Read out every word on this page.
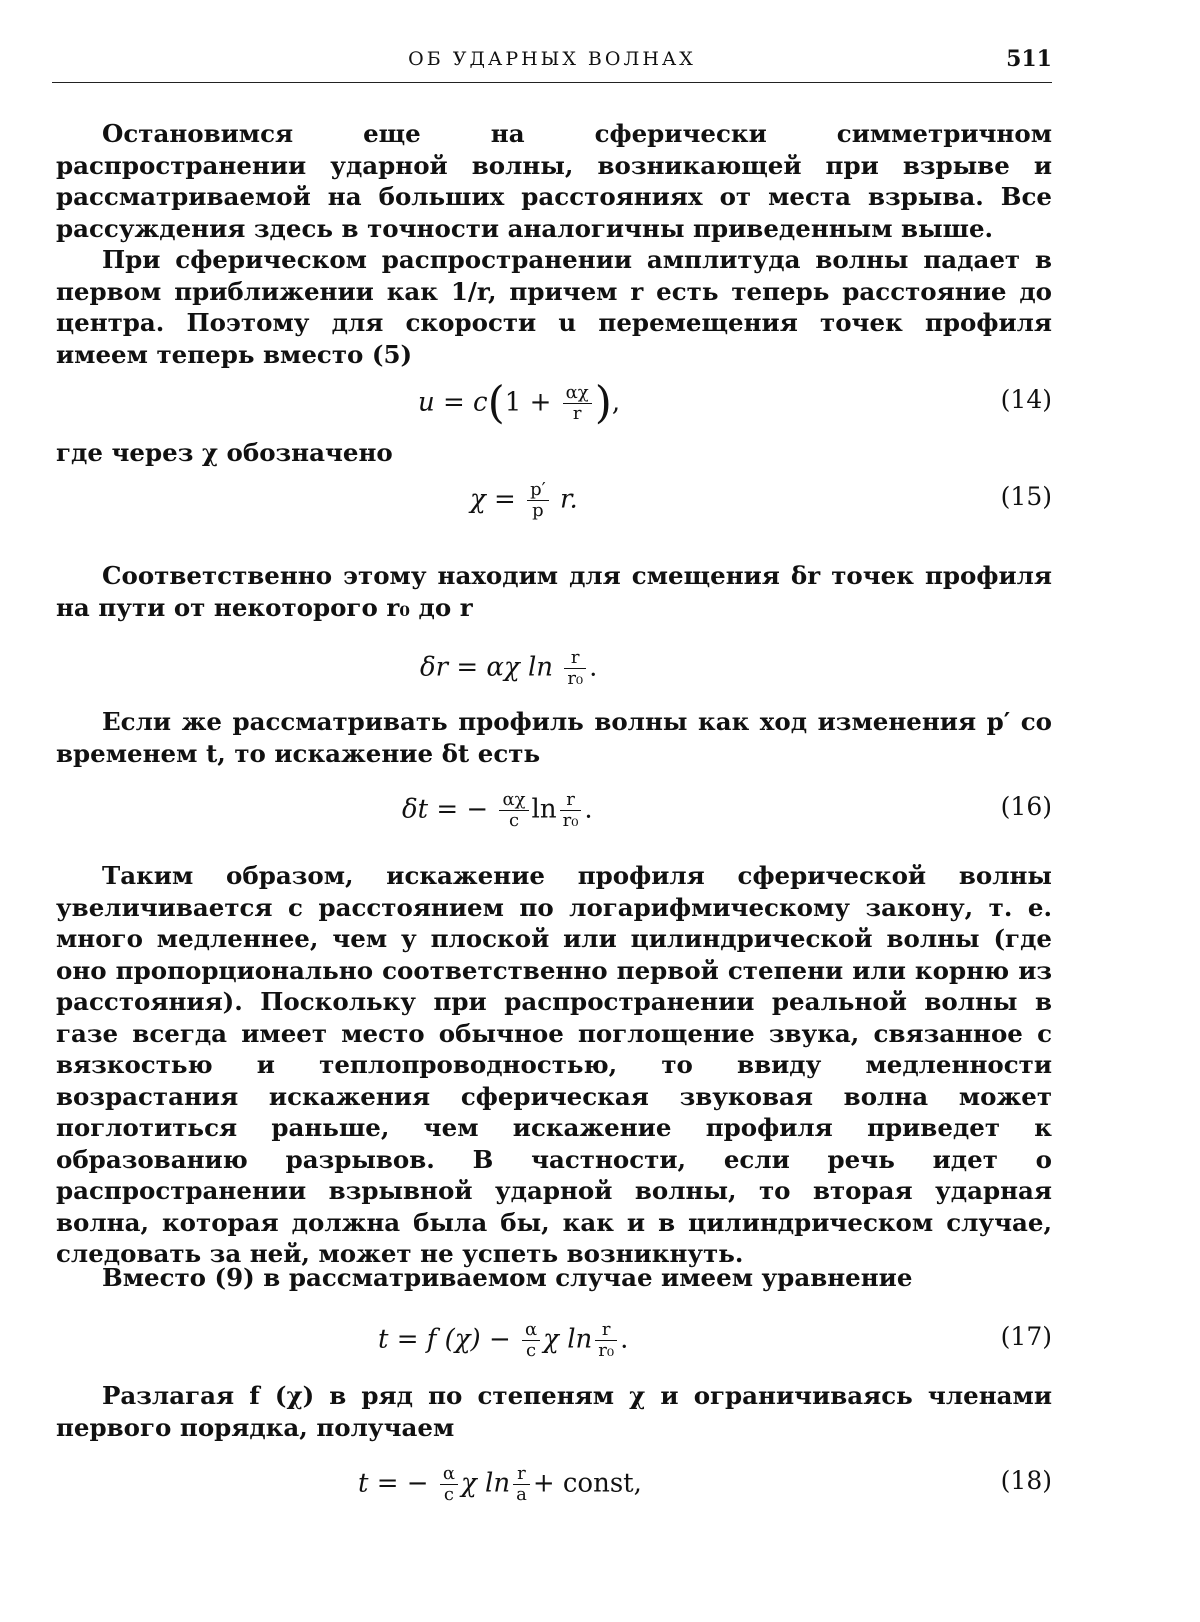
ОБ УДАРНЫХ ВОЛНАХ	511

Остановимся еще на сферически симметричном распространении ударной волны, возникающей при взрыве и рассматриваемой на больших расстояниях от места взрыва. Все рассуждения здесь в точности аналогичны приведенным выше.

При сферическом распространении амплитуда волны падает в первом приближении как 1/r, причем r есть теперь расстояние до центра. Поэтому для скорости u перемещения точек профиля имеем теперь вместо (5)

u = c(1 + αχ
r ),	(14)

где через χ обозначено

χ = p′
p r.	(15)

Соответственно этому находим для смещения δr точек профиля на пути от некоторого r₀ до r

δr = αχ ln r
r₀ .

Если же рассматривать профиль волны как ход изменения p′ со временем t, то искажение δt есть

δt = − αχ
c ln r
r₀ .	(16)

Таким образом, искажение профиля сферической волны увеличивается с расстоянием по логарифмическому закону, т. е. много медленнее, чем у плоской или цилиндрической волны (где оно пропорционально соответственно первой степени или корню из расстояния). Поскольку при распространении реальной волны в газе всегда имеет место обычное поглощение звука, связанное с вязкостью и теплопроводностью, то ввиду медленности возрастания искажения сферическая звуковая волна может поглотиться раньше, чем искажение профиля приведет к образованию разрывов. В частности, если речь идет о распространении взрывной ударной волны, то вторая ударная волна, которая должна была бы, как и в цилиндрическом случае, следовать за ней, может не успеть возникнуть.

Вместо (9) в рассматриваемом случае имеем уравнение

t = f (χ) − α
c χ ln r
r₀ .	(17)

Разлагая f (χ) в ряд по степеням χ и ограничиваясь членами первого порядка, получаем

t = − α
c χ ln r
a + const,	(18)
